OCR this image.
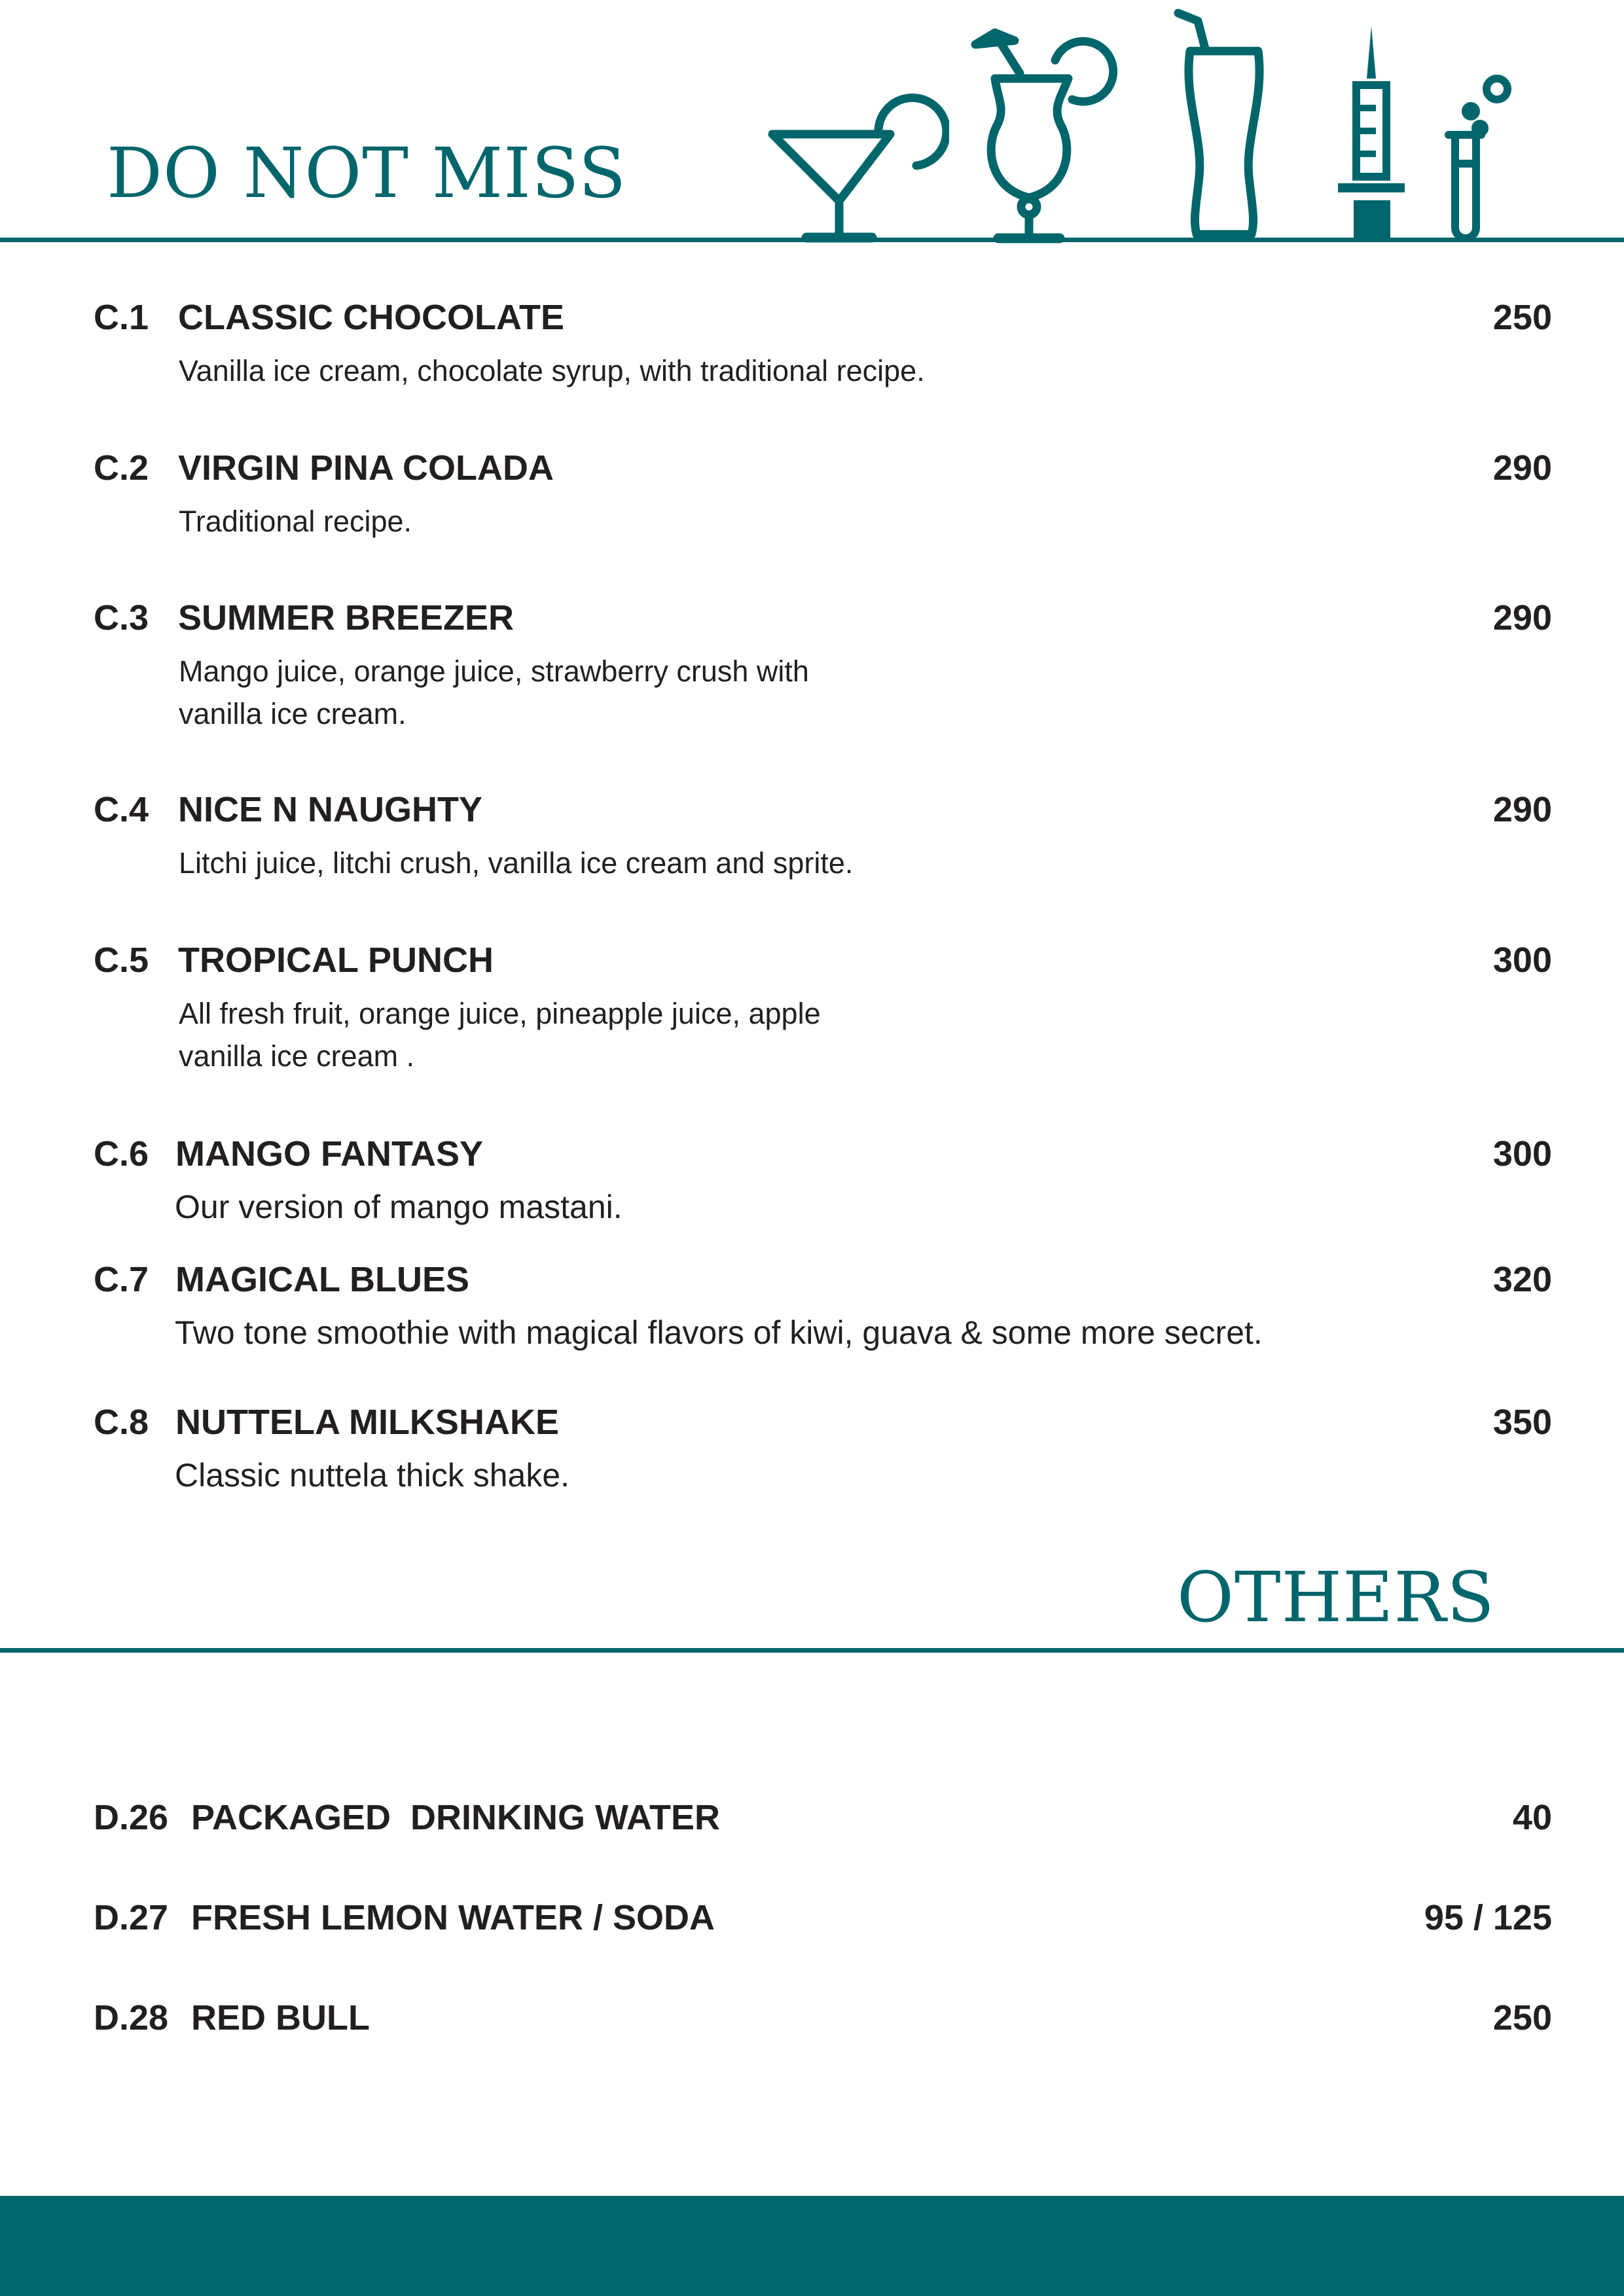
DO NOT MISS
C.1 CLASSIC CHOCOLATE	250
Vanilla ice cream, chocolate syrup, with traditional recipe.
C.2 VIRGIN PINA COLADA	290
Traditional recipe.
C.3 SUMMER BREEZER	290
Mango juice, orange juice, strawberry crush with
vanilla ice cream.
C.4 NICE N NAUGHTY	290
Litchi juice, litchi crush, vanilla ice cream and sprite.
C.5 TROPICAL PUNCH	300
All fresh fruit, orange juice, pineapple juice, apple
vanilla ice cream .
C.6 MANGO FANTASY	300
Our version of mango mastani.
C.7 MAGICAL BLUES	320
Two tone smoothie with magical flavors of kiwi, guava & some more secret.
C.8 NUTTELA MILKSHAKE	350
Classic nuttela thick shake.
OTHERS
D.26 PACKAGED  DRINKING WATER	40
D.27 FRESH LEMON WATER / SODA	95 / 125
D.28 RED BULL	250
